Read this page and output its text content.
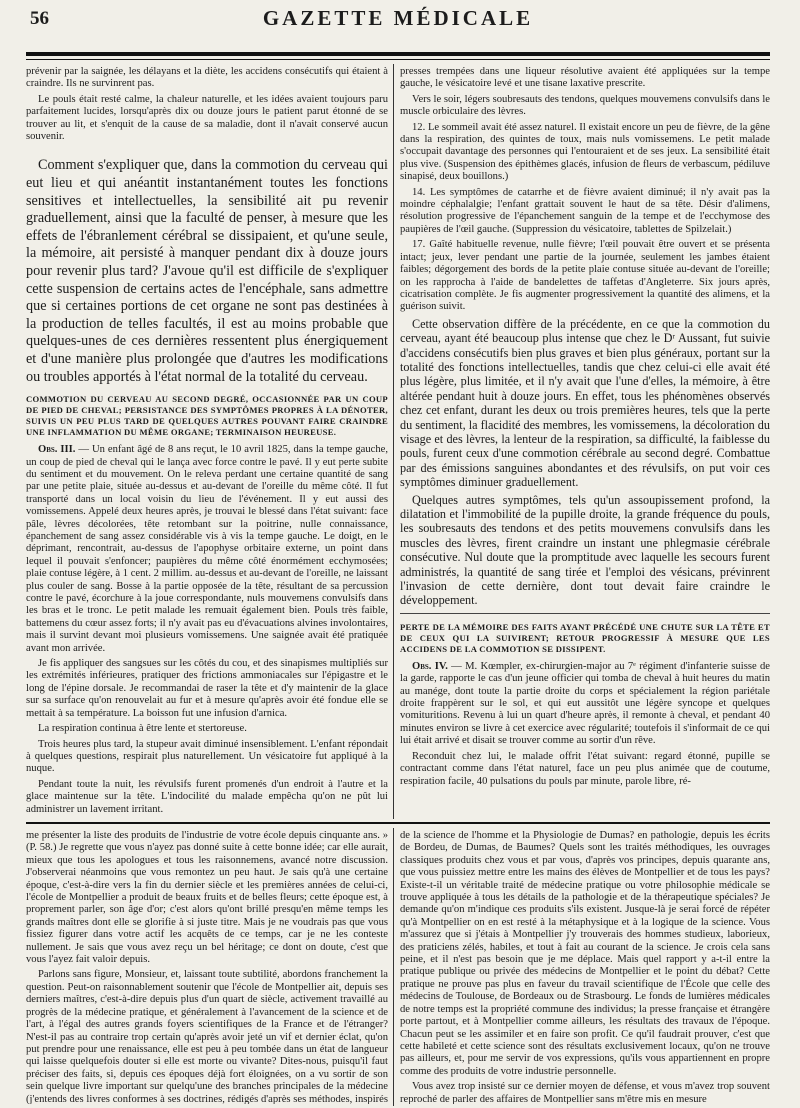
56	GAZETTE MÉDICALE

prévenir par la saignée, les délayans et la diète, les accidens consécutifs qui étaient à craindre. Ils ne survinrent pas.

Le pouls était resté calme, la chaleur naturelle, et les idées avaient toujours paru parfaitement lucides, lorsqu'après dix ou douze jours le patient parut étonné de se trouver au lit, et s'enquit de la cause de sa maladie, dont il n'avait conservé aucun souvenir.

Comment s'expliquer que, dans la commotion du cerveau qui eut lieu et qui anéantit instantanément toutes les fonctions sensitives et intellectuelles, la sensibilité ait pu revenir graduellement, ainsi que la faculté de penser, à mesure que les effets de l'ébranlement cérébral se dissipaient, et qu'une seule, la mémoire, ait persisté à manquer pendant dix à douze jours pour revenir plus tard? J'avoue qu'il est difficile de s'expliquer cette suspension de certains actes de l'encéphale, sans admettre que si certaines portions de cet organe ne sont pas destinées à la production de telles facultés, il est au moins probable que quelques-unes de ces dernières ressentent plus énergiquement et d'une manière plus prolongée que d'autres les modifications ou troubles apportés à l'état normal de la totalité du cerveau.

COMMOTION DU CERVEAU AU SECOND DEGRÉ, OCCASIONNÉE PAR UN COUP DE PIED DE CHEVAL; PERSISTANCE DES SYMPTÔMES PROPRES À LA DÉNOTER, SUIVIS UN PEU PLUS TARD DE QUELQUES AUTRES POUVANT FAIRE CRAINDRE UNE INFLAMMATION DU MÊME ORGANE; TERMINAISON HEUREUSE.

Obs. III. — Un enfant âgé de 8 ans reçut, le 10 avril 1825, dans la tempe gauche, un coup de pied de cheval qui le lança avec force contre le pavé. Il y eut perte subite du sentiment et du mouvement. On le releva perdant une certaine quantité de sang par une petite plaie, située au-dessus et au-devant de l'oreille du même côté. Il fut transporté dans un local voisin du lieu de l'événement. Il y eut aussi des vomissemens. Appelé deux heures après, je trouvai le blessé dans l'état suivant: face pâle, lèvres décolorées, tête retombant sur la poitrine, nulle connaissance, épanchement de sang assez considérable vis à vis la tempe gauche. Le doigt, en le déprimant, rencontrait, au-dessus de l'apophyse orbitaire externe, un point dans lequel il pouvait s'enfoncer; paupières du même côté énormément ecchymosées; plaie contuse légère, à 1 cent. 2 millim. au-dessus et au-devant de l'oreille, ne laissant plus couler de sang. Bosse à la partie opposée de la tête, résultant de sa percussion contre le pavé, écorchure à la joue correspondante, nuls mouvemens convulsifs dans les bras et le tronc. Le petit malade les remuait également bien. Pouls très faible, battemens du cœur assez forts; il n'y avait pas eu d'évacuations alvines involontaires, mais il survint devant moi plusieurs vomissemens. Une saignée avait été pratiquée avant mon arrivée.

Je fis appliquer des sangsues sur les côtés du cou, et des sinapismes multipliés sur les extrémités inférieures, pratiquer des frictions ammoniacales sur l'épigastre et le long de l'épine dorsale. Je recommandai de raser la tête et d'y maintenir de la glace sur sa surface qu'on renouvelait au fur et à mesure qu'après avoir été fondue elle se mettait à sa température. La boisson fut une infusion d'arnica.

La respiration continua à être lente et stertoreuse.

Trois heures plus tard, la stupeur avait diminué insensiblement. L'enfant répondait à quelques questions, respirait plus naturellement. Un vésicatoire fut appliqué à la nuque.

Pendant toute la nuit, les révulsifs furent promenés d'un endroit à l'autre et la glace maintenue sur la tête. L'indocilité du malade empêcha qu'on ne pût lui administrer un lavement irritant.

presses trempées dans une liqueur résolutive avaient été appliquées sur la tempe gauche, le vésicatoire levé et une tisane laxative prescrite.

Vers le soir, légers soubresauts des tendons, quelques mouvemens convulsifs dans le muscle orbiculaire des lèvres.

12. Le sommeil avait été assez naturel. Il existait encore un peu de fièvre, de la gêne dans la respiration, des quintes de toux, mais nuls vomissemens. Le petit malade s'occupait davantage des personnes qui l'entouraient et de ses jeux. La sensibilité était plus vive. (Suspension des épithèmes glacés, infusion de fleurs de verbascum, pédiluve sinapisé, deux bouillons.)

14. Les symptômes de catarrhe et de fièvre avaient diminué; il n'y avait pas la moindre céphalalgie; l'enfant grattait souvent le haut de sa tête. Désir d'alimens, résolution progressive de l'épanchement sanguin de la tempe et de l'ecchymose des paupières de l'œil gauche. (Suppression du vésicatoire, tablettes de Spilzelait.)

17. Gaîté habituelle revenue, nulle fièvre; l'œil pouvait être ouvert et se présenta intact; jeux, lever pendant une partie de la journée, seulement les jambes étaient faibles; dégorgement des bords de la petite plaie contuse située au-devant de l'oreille; on les rapprocha à l'aide de bandelettes de taffetas d'Angleterre. Six jours après, cicatrisation complète. Je fis augmenter progressivement la quantité des alimens, et la guérison suivit.

Cette observation diffère de la précédente, en ce que la commotion du cerveau, ayant été beaucoup plus intense que chez le Dʳ Aussant, fut suivie d'accidens consécutifs bien plus graves et bien plus généraux, portant sur la totalité des fonctions intellectuelles, tandis que chez celui-ci elle avait été plus légère, plus limitée, et il n'y avait que l'une d'elles, la mémoire, à être altérée pendant huit à douze jours. En effet, tous les phénomènes observés chez cet enfant, durant les deux ou trois premières heures, tels que la perte du sentiment, la flacidité des membres, les vomissemens, la décoloration du visage et des lèvres, la lenteur de la respiration, sa difficulté, la faiblesse du pouls, furent ceux d'une commotion cérébrale au second degré. Combattue par des émissions sanguines abondantes et des révulsifs, on put voir ces symptômes diminuer graduellement.

Quelques autres symptômes, tels qu'un assoupissement profond, la dilatation et l'immobilité de la pupille droite, la grande fréquence du pouls, les soubresauts des tendons et des petits mouvemens convulsifs dans les muscles des lèvres, firent craindre un instant une phlegmasie cérébrale consécutive. Nul doute que la promptitude avec laquelle les secours furent administrés, la quantité de sang tirée et l'emploi des vésicans, prévinrent l'invasion de cette dernière, dont tout devait faire craindre le développement.

PERTE DE LA MÉMOIRE DES FAITS AYANT PRÉCÉDÉ UNE CHUTE SUR LA TÊTE ET DE CEUX QUI LA SUIVIRENT; RETOUR PROGRESSIF À MESURE QUE LES ACCIDENS DE LA COMMOTION SE DISSIPENT.

Obs. IV. — M. Kœmpler, ex-chirurgien-major au 7ᵉ régiment d'infanterie suisse de la garde, rapporte le cas d'un jeune officier qui tomba de cheval à huit heures du matin au manége, dont toute la partie droite du corps et spécialement la région pariétale droite frappèrent sur le sol, et qui eut aussitôt une légère syncope et quelques vomituritions. Revenu à lui un quart d'heure après, il remonte à cheval, et pendant 40 minutes environ se livre à cet exercice avec régularité; toutefois il s'informait de ce qui lui était arrivé et disait se trouver comme au sortir d'un rêve.

Reconduit chez lui, le malade offrit l'état suivant: regard étonné, pupille se contractant comme dans l'état naturel, face un peu plus animée que de coutume, respiration facile, 40 pulsations du pouls par minute, parole libre, ré-

me présenter la liste des produits de l'industrie de votre école depuis cinquante ans. » (P. 58.) Je regrette que vous n'ayez pas donné suite à cette bonne idée; car elle aurait, mieux que tous les apologues et tous les raisonnemens, avancé notre discussion. J'observerai néanmoins que vous remontez un peu haut. Je sais qu'à une certaine époque, c'est-à-dire vers la fin du dernier siècle et les premières années de celui-ci, l'école de Montpellier a produit de beaux fruits et de belles fleurs; cette époque est, à proprement parler, son âge d'or; c'est alors qu'ont brillé presqu'en même temps les grands maîtres dont elle se glorifie à si juste titre. Mais je ne voudrais pas que vous fissiez figurer dans votre actif les acquêts de ce temps, car je ne les conteste nullement. Je sais que vous avez reçu un bel héritage; ce dont on doute, c'est que vous l'ayez fait valoir depuis.

Parlons sans figure, Monsieur, et, laissant toute subtilité, abordons franchement la question. Peut-on raisonnablement soutenir que l'école de Montpellier ait, depuis ses derniers maîtres, c'est-à-dire depuis plus d'un quart de siècle, activement travaillé au progrès de la médecine pratique, et généralement à l'avancement de la science et de l'art, à l'égal des autres grands foyers scientifiques de la France et de l'étranger? N'est-il pas au contraire trop certain qu'après avoir jeté un vif et dernier éclat, qu'on put prendre pour une renaissance, elle est peu à peu tombée dans un état de langueur qui laisse quelquefois douter si elle est morte ou vivante? Dites-nous, puisqu'il faut préciser des faits, si, depuis ces époques déjà fort éloignées, on a vu sortir de son sein quelque livre important sur quelqu'une des branches principales de la médecine (j'entends des livres conformes à ses doctrines, rédigés d'après ses méthodes, inspirés

de la science de l'homme et la Physiologie de Dumas? en pathologie, depuis les écrits de Bordeu, de Dumas, de Baumes? Quels sont les traités méthodiques, les ouvrages classiques produits chez vous et par vous, d'après vos principes, depuis quarante ans, que vous puissiez mettre entre les mains des élèves de Montpellier et de tous les pays? Existe-t-il un véritable traité de médecine pratique ou votre philosophie médicale se trouve appliquée à tous les détails de la pathologie et de la thérapeutique spéciales? Je demande qu'on m'indique ces produits s'ils existent. Jusque-là je serai forcé de répéter qu'à Montpellier on en est resté à la métaphysique et à la logique de la science. Vous m'assurez que si j'étais à Montpellier j'y trouverais des hommes studieux, laborieux, des praticiens zélés, habiles, et tout à fait au courant de la science. Je crois cela sans peine, et il n'est pas besoin que je me déplace. Mais quel rapport y a-t-il entre la pratique publique ou privée des médecins de Montpellier et le point du débat? Cette pratique ne prouve pas plus en faveur du travail scientifique de l'École que celle des médecins de Toulouse, de Bordeaux ou de Strasbourg. Le fonds de lumières médicales de notre temps est la propriété commune des individus; la presse française et étrangère porte partout, et à Montpellier comme ailleurs, les résultats des travaux de l'époque. Chacun peut se les assimiler et en faire son profit. Ce qu'il faudrait prouver, c'est que cette habileté et cette science sont des résultats exclusivement locaux, qu'on ne trouve pas ailleurs, et, pour me servir de vos expressions, qu'ils vous appartiennent en propre comme des produits de votre industrie personnelle.

Vous avez trop insisté sur ce dernier moyen de défense, et vous m'avez trop souvent reproché de parler des affaires de Montpellier sans m'être mis en mesure
